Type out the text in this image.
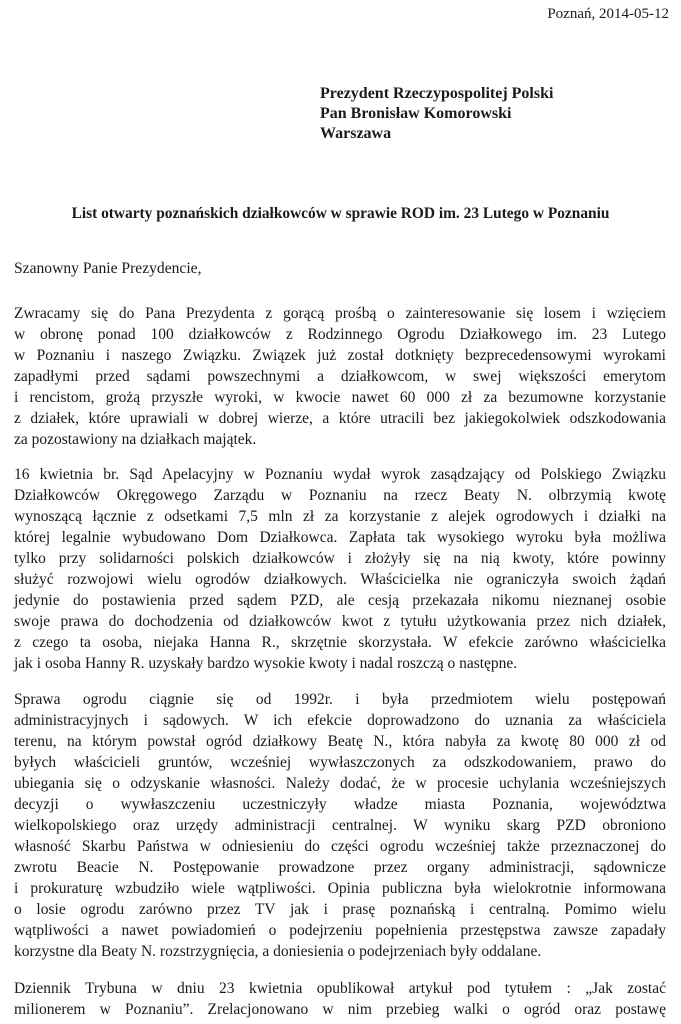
Poznań, 2014-05-12
Prezydent Rzeczypospolitej Polski
Pan Bronisław Komorowski
Warszawa
List otwarty poznańskich działkowców w sprawie ROD im. 23 Lutego w Poznaniu
Szanowny Panie Prezydencie,
Zwracamy się do Pana Prezydenta z gorącą prośbą o zainteresowanie się losem i wzięciem
w obronę ponad 100 działkowców z Rodzinnego Ogrodu Działkowego im. 23 Lutego
w Poznaniu i naszego Związku. Związek już został dotknięty bezprecedensowymi wyrokami
zapadłymi przed sądami powszechnymi a działkowcom, w swej większości emerytom
i rencistom, grożą przyszłe wyroki, w kwocie nawet 60 000 zł za bezumowne korzystanie
z działek, które uprawiali w dobrej wierze, a które utracili bez jakiegokolwiek odszkodowania
za pozostawiony na działkach majątek.
16 kwietnia br. Sąd Apelacyjny w Poznaniu wydał wyrok zasądzający od Polskiego Związku
Działkowców Okręgowego Zarządu w Poznaniu na rzecz Beaty N. olbrzymią kwotę
wynoszącą łącznie z odsetkami 7,5 mln zł za korzystanie z alejek ogrodowych i działki na
której legalnie wybudowano Dom Działkowca. Zapłata tak wysokiego wyroku była możliwa
tylko przy solidarności polskich działkowców i złożyły się na nią kwoty, które powinny
służyć rozwojowi wielu ogrodów działkowych. Właścicielka nie ograniczyła swoich żądań
jedynie do postawienia przed sądem PZD, ale cesją przekazała nikomu nieznanej osobie
swoje prawa do dochodzenia od działkowców kwot z tytułu użytkowania przez nich działek,
z czego ta osoba, niejaka Hanna R., skrzętnie skorzystała. W efekcie zarówno właścicielka
jak i osoba Hanny R. uzyskały bardzo wysokie kwoty i nadal roszczą o następne.
Sprawa ogrodu ciągnie się od 1992r. i była przedmiotem wielu postępowań
administracyjnych i sądowych. W ich efekcie doprowadzono do uznania za właściciela
terenu, na którym powstał ogród działkowy Beatę N., która nabyła za kwotę 80 000 zł od
byłych właścicieli gruntów, wcześniej wywłaszczonych za odszkodowaniem, prawo do
ubiegania się o odzyskanie własności. Należy dodać, że w procesie uchylania wcześniejszych
decyzji o wywłaszczeniu uczestniczyły władze miasta Poznania, województwa
wielkopolskiego oraz urzędy administracji centralnej. W wyniku skarg PZD obroniono
własność Skarbu Państwa w odniesieniu do części ogrodu wcześniej także przeznaczonej do
zwrotu Beacie N. Postępowanie prowadzone przez organy administracji, sądownicze
i prokuraturę wzbudziło wiele wątpliwości. Opinia publiczna była wielokrotnie informowana
o losie ogrodu zarówno przez TV jak i prasę poznańską i centralną. Pomimo wielu
wątpliwości a nawet powiadomień o podejrzeniu popełnienia przestępstwa zawsze zapadały
korzystne dla Beaty N. rozstrzygnięcia, a doniesienia o podejrzeniach były oddalane.
Dziennik Trybuna w dniu 23 kwietnia opublikował artykuł pod tytułem : „Jak zostać
milionerem w Poznaniu”. Zrelacjonowano w nim przebieg walki o ogród oraz postawę
